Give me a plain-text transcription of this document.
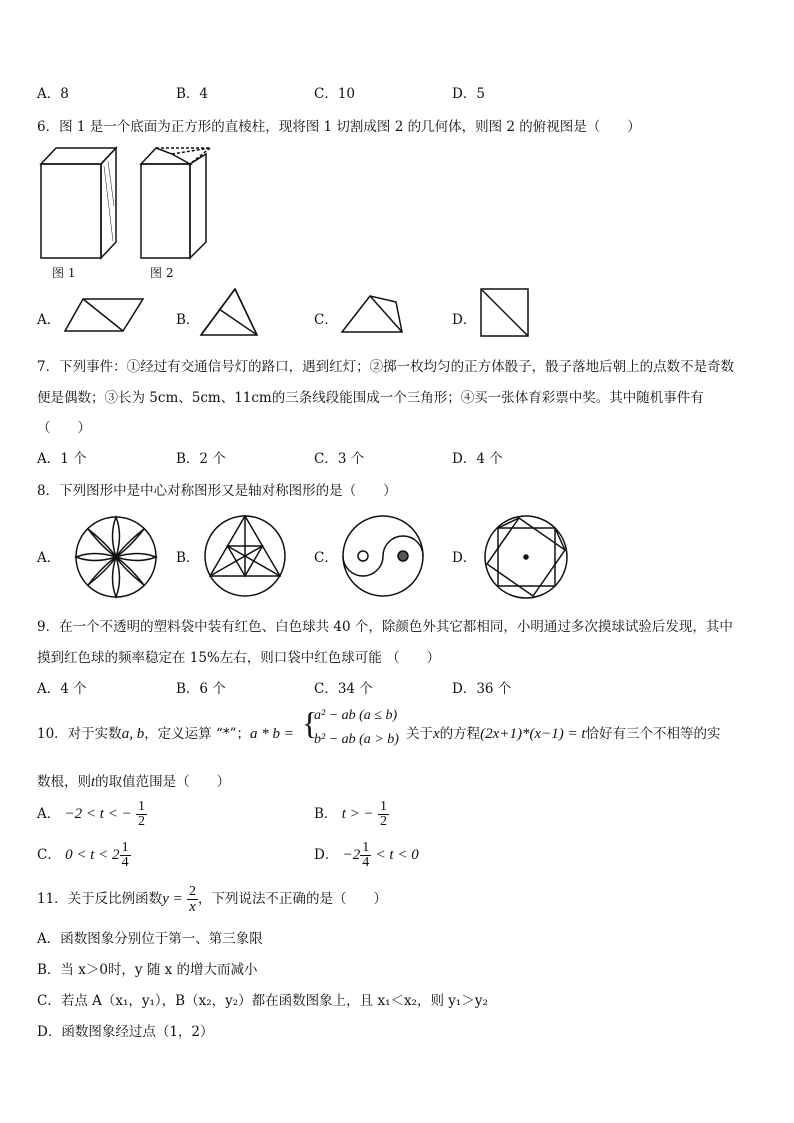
A．8	B．4	C．10	D．5
6．图 1 是一个底面为正方形的直棱柱，现将图 1 切割成图 2 的几何体，则图 2 的俯视图是（　　）
图 1	图 2
A．	B．	C．	D．
7．下列事件：①经过有交通信号灯的路口，遇到红灯；②掷一枚均匀的正方体骰子，骰子落地后朝上的点数不是奇数
便是偶数；③长为 5cm、5cm、11cm的三条线段能围成一个三角形；④买一张体育彩票中奖。其中随机事件有
（　　）
A．1 个	B．2 个	C．3 个	D．4 个
8．下列图形中是中心对称图形又是轴对称图形的是（　　）
A．	B．	C．	D．
9．在一个不透明的塑料袋中装有红色、白色球共 40 个，除颜色外其它都相同，小明通过多次摸球试验后发现，其中
摸到红色球的频率稳定在 15%左右，则口袋中红色球可能 （　　）
A．4 个	B．6 个	C．34 个	D．36 个
10．对于实数a, b，定义运算 “*”；a * b = {
a² − ab (a ≤ b)
b² − ab (a > b) 关于x的方程(2x+1)*(x−1) = t恰好有三个不相等的实
数根，则t的取值范围是（　　）
A． −2 < t < − $\frac{1}{2}$	B． t > − $\frac{1}{2}$
C． $0 < t < 2 \frac{1}{4}$	D． $-2 \frac{1}{4} < t < 0$
11．关于反比例函数$y = \frac{2}{x}$ ，下列说法不正确的是（　　）
A．函数图象分别位于第一、第三象限
B．当 x＞0时，y 随 x 的增大而减小
C．若点 A（x₁，y₁），B（x₂，y₂）都在函数图象上，且 x₁＜x₂，则 y₁＞y₂
D．函数图象经过点（1，2）
